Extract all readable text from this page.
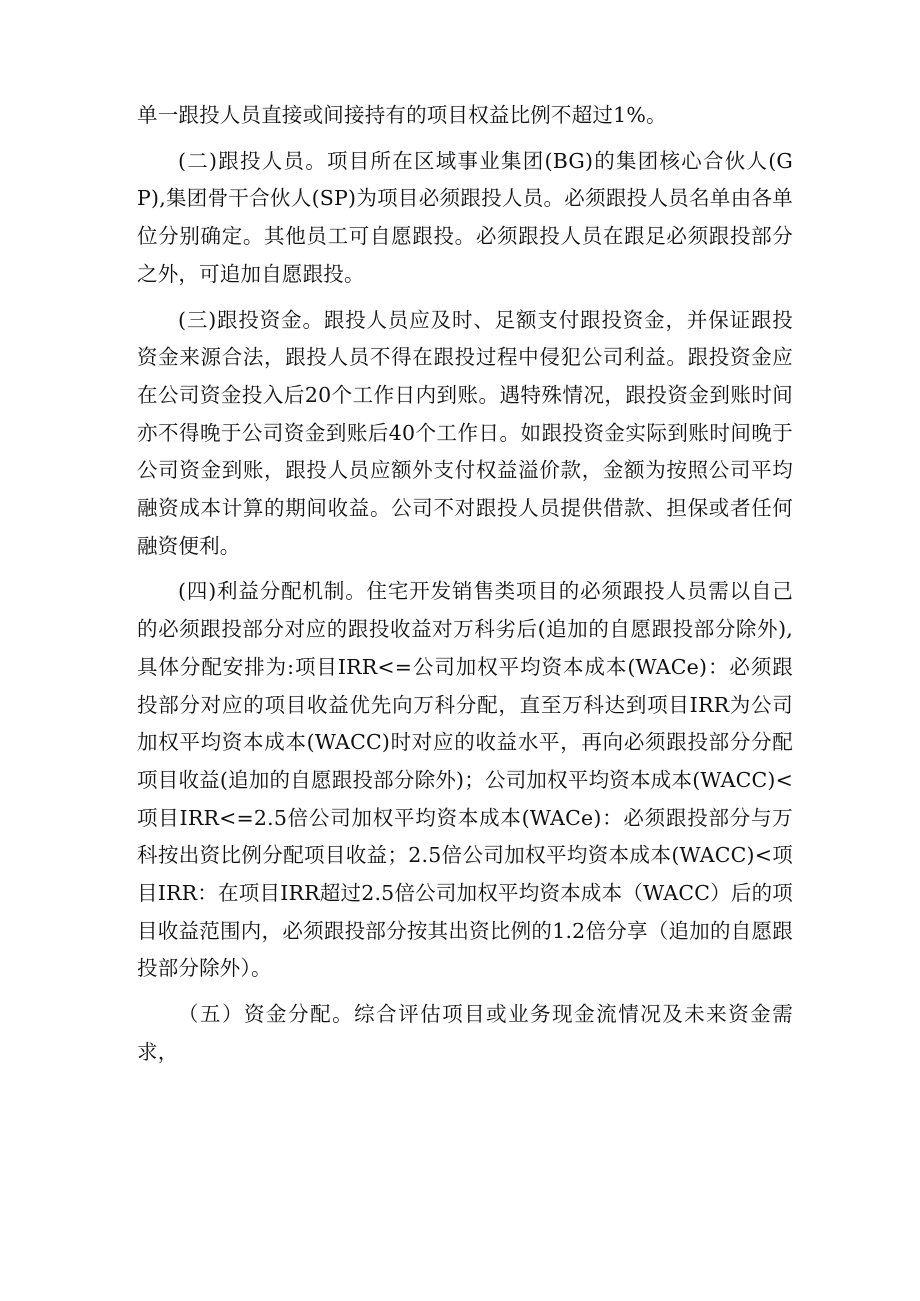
单一跟投人员直接或间接持有的项目权益比例不超过1%。

(二)跟投人员。项目所在区域事业集团(BG)的集团核心合伙人(GP),集团骨干合伙人(SP)为项目必须跟投人员。必须跟投人员名单由各单位分别确定。其他员工可自愿跟投。必须跟投人员在跟足必须跟投部分之外，可追加自愿跟投。

(三)跟投资金。跟投人员应及时、足额支付跟投资金，并保证跟投资金来源合法，跟投人员不得在跟投过程中侵犯公司利益。跟投资金应在公司资金投入后20个工作日内到账。遇特殊情况，跟投资金到账时间亦不得晚于公司资金到账后40个工作日。如跟投资金实际到账时间晚于公司资金到账，跟投人员应额外支付权益溢价款，金额为按照公司平均融资成本计算的期间收益。公司不对跟投人员提供借款、担保或者任何融资便利。

(四)利益分配机制。住宅开发销售类项目的必须跟投人员需以自己的必须跟投部分对应的跟投收益对万科劣后(追加的自愿跟投部分除外),具体分配安排为:项目IRR<=公司加权平均资本成本(WACe)：必须跟投部分对应的项目收益优先向万科分配，直至万科达到项目IRR为公司加权平均资本成本(WACC)时对应的收益水平，再向必须跟投部分分配项目收益(追加的自愿跟投部分除外)；公司加权平均资本成本(WACC)<项目IRR<=2.5倍公司加权平均资本成本(WACe)：必须跟投部分与万科按出资比例分配项目收益；2.5倍公司加权平均资本成本(WACC)<项目IRR：在项目IRR超过2.5倍公司加权平均资本成本（WACC）后的项目收益范围内，必须跟投部分按其出资比例的1.2倍分享（追加的自愿跟投部分除外）。

（五）资金分配。综合评估项目或业务现金流情况及未来资金需求，
